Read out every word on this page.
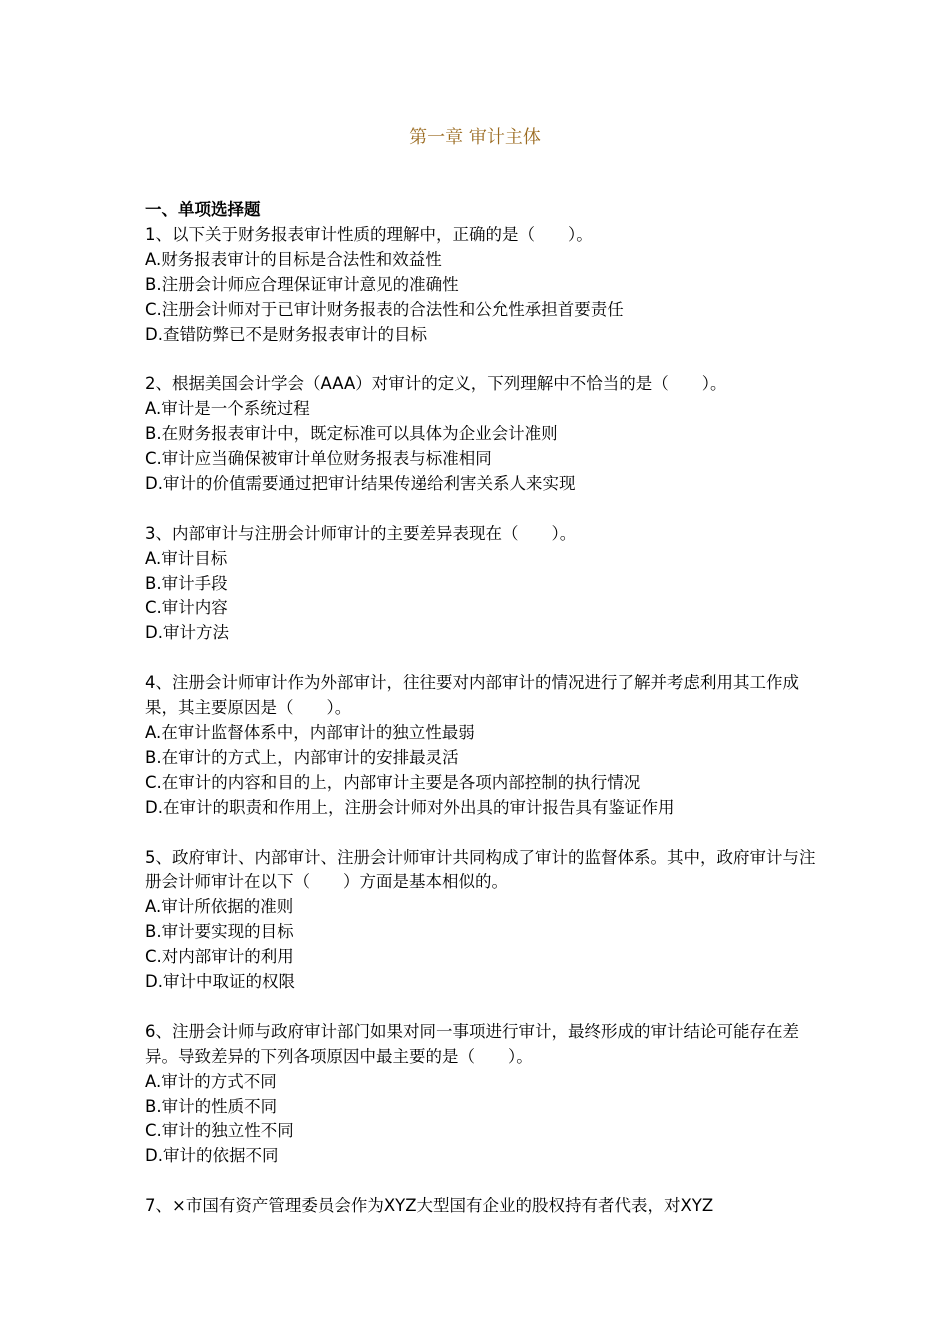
第一章 审计主体
一、单项选择题
1、以下关于财务报表审计性质的理解中，正确的是（　　）。
A.财务报表审计的目标是合法性和效益性
B.注册会计师应合理保证审计意见的准确性
C.注册会计师对于已审计财务报表的合法性和公允性承担首要责任
D.查错防弊已不是财务报表审计的目标
2、根据美国会计学会（AAA）对审计的定义，下列理解中不恰当的是（　　）。
A.审计是一个系统过程
B.在财务报表审计中，既定标准可以具体为企业会计准则
C.审计应当确保被审计单位财务报表与标准相同
D.审计的价值需要通过把审计结果传递给利害关系人来实现
3、内部审计与注册会计师审计的主要差异表现在（　　）。
A.审计目标
B.审计手段
C.审计内容
D.审计方法
4、注册会计师审计作为外部审计，往往要对内部审计的情况进行了解并考虑利用其工作成果，其主要原因是（　　）。
A.在审计监督体系中，内部审计的独立性最弱
B.在审计的方式上，内部审计的安排最灵活
C.在审计的内容和目的上，内部审计主要是各项内部控制的执行情况
D.在审计的职责和作用上，注册会计师对外出具的审计报告具有鉴证作用
5、政府审计、内部审计、注册会计师审计共同构成了审计的监督体系。其中，政府审计与注册会计师审计在以下（　　）方面是基本相似的。
A.审计所依据的准则
B.审计要实现的目标
C.对内部审计的利用
D.审计中取证的权限
6、注册会计师与政府审计部门如果对同一事项进行审计，最终形成的审计结论可能存在差异。导致差异的下列各项原因中最主要的是（　　）。
A.审计的方式不同
B.审计的性质不同
C.审计的独立性不同
D.审计的依据不同
7、×市国有资产管理委员会作为XYZ大型国有企业的股权持有者代表，对XYZ
